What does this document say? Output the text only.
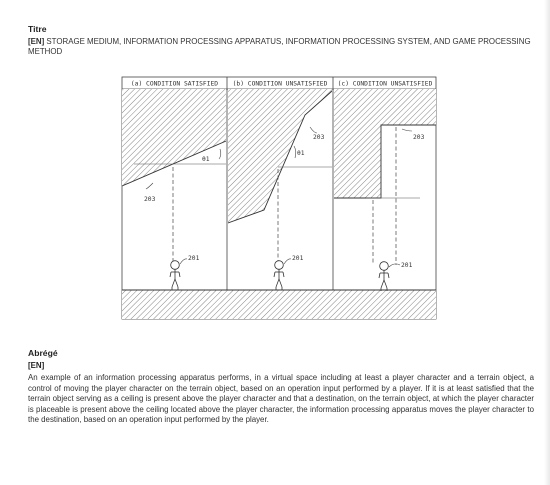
Titre
[EN] STORAGE MEDIUM, INFORMATION PROCESSING APPARATUS, INFORMATION PROCESSING SYSTEM, AND GAME PROCESSING METHOD
(a) CONDITION SATISFIED (b) CONDITION UNSATISFIED (c) CONDITION UNSATISFIED
203
θ1
203
θ1
203
201	201
201
Abrégé
[EN]
An example of an information processing apparatus performs, in a virtual space including at least a player character and a terrain object, a control of moving the player character on the terrain object, based on an operation input performed by a player. If it is at least satisfied that the terrain object serving as a ceiling is present above the player character and that a destination, on the terrain object, at which the player character is placeable is present above the ceiling located above the player character, the information processing apparatus moves the player character to the destination, based on an operation input performed by the player.
